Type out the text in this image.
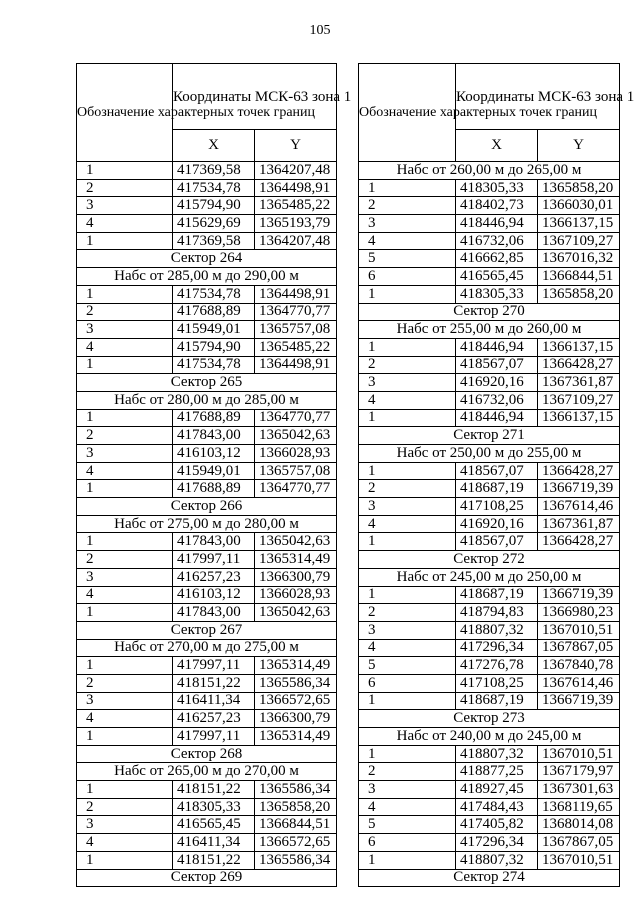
105
Обозначение характерных точек границ	Координаты МСК-63 зона 1	
	X	Y
1	417369,58	1364207,48
2	417534,78	1364498,91
3	415794,90	1365485,22
4	415629,69	1365193,79
1	417369,58	1364207,48
Сектор 264		
Набс от 285,00 м до 290,00 м		
1	417534,78	1364498,91
2	417688,89	1364770,77
3	415949,01	1365757,08
4	415794,90	1365485,22
1	417534,78	1364498,91
Сектор 265		
Набс от 280,00 м до 285,00 м		
1	417688,89	1364770,77
2	417843,00	1365042,63
3	416103,12	1366028,93
4	415949,01	1365757,08
1	417688,89	1364770,77
Сектор 266		
Набс от 275,00 м до 280,00 м		
1	417843,00	1365042,63
2	417997,11	1365314,49
3	416257,23	1366300,79
4	416103,12	1366028,93
1	417843,00	1365042,63
Сектор 267		
Набс от 270,00 м до 275,00 м		
1	417997,11	1365314,49
2	418151,22	1365586,34
3	416411,34	1366572,65
4	416257,23	1366300,79
1	417997,11	1365314,49
Сектор 268		
Набс от 265,00 м до 270,00 м		
1	418151,22	1365586,34
2	418305,33	1365858,20
3	416565,45	1366844,51
4	416411,34	1366572,65
1	418151,22	1365586,34
Сектор 269		
Обозначение характерных точек границ	Координаты МСК-63 зона 1	
	X	Y
Набс от 260,00 м до 265,00 м		
1	418305,33	1365858,20
2	418402,73	1366030,01
3	418446,94	1366137,15
4	416732,06	1367109,27
5	416662,85	1367016,32
6	416565,45	1366844,51
1	418305,33	1365858,20
Сектор 270		
Набс от 255,00 м до 260,00 м		
1	418446,94	1366137,15
2	418567,07	1366428,27
3	416920,16	1367361,87
4	416732,06	1367109,27
1	418446,94	1366137,15
Сектор 271		
Набс от 250,00 м до 255,00 м		
1	418567,07	1366428,27
2	418687,19	1366719,39
3	417108,25	1367614,46
4	416920,16	1367361,87
1	418567,07	1366428,27
Сектор 272		
Набс от 245,00 м до 250,00 м		
1	418687,19	1366719,39
2	418794,83	1366980,23
3	418807,32	1367010,51
4	417296,34	1367867,05
5	417276,78	1367840,78
6	417108,25	1367614,46
1	418687,19	1366719,39
Сектор 273		
Набс от 240,00 м до 245,00 м		
1	418807,32	1367010,51
2	418877,25	1367179,97
3	418927,45	1367301,63
4	417484,43	1368119,65
5	417405,82	1368014,08
6	417296,34	1367867,05
1	418807,32	1367010,51
Сектор 274		
